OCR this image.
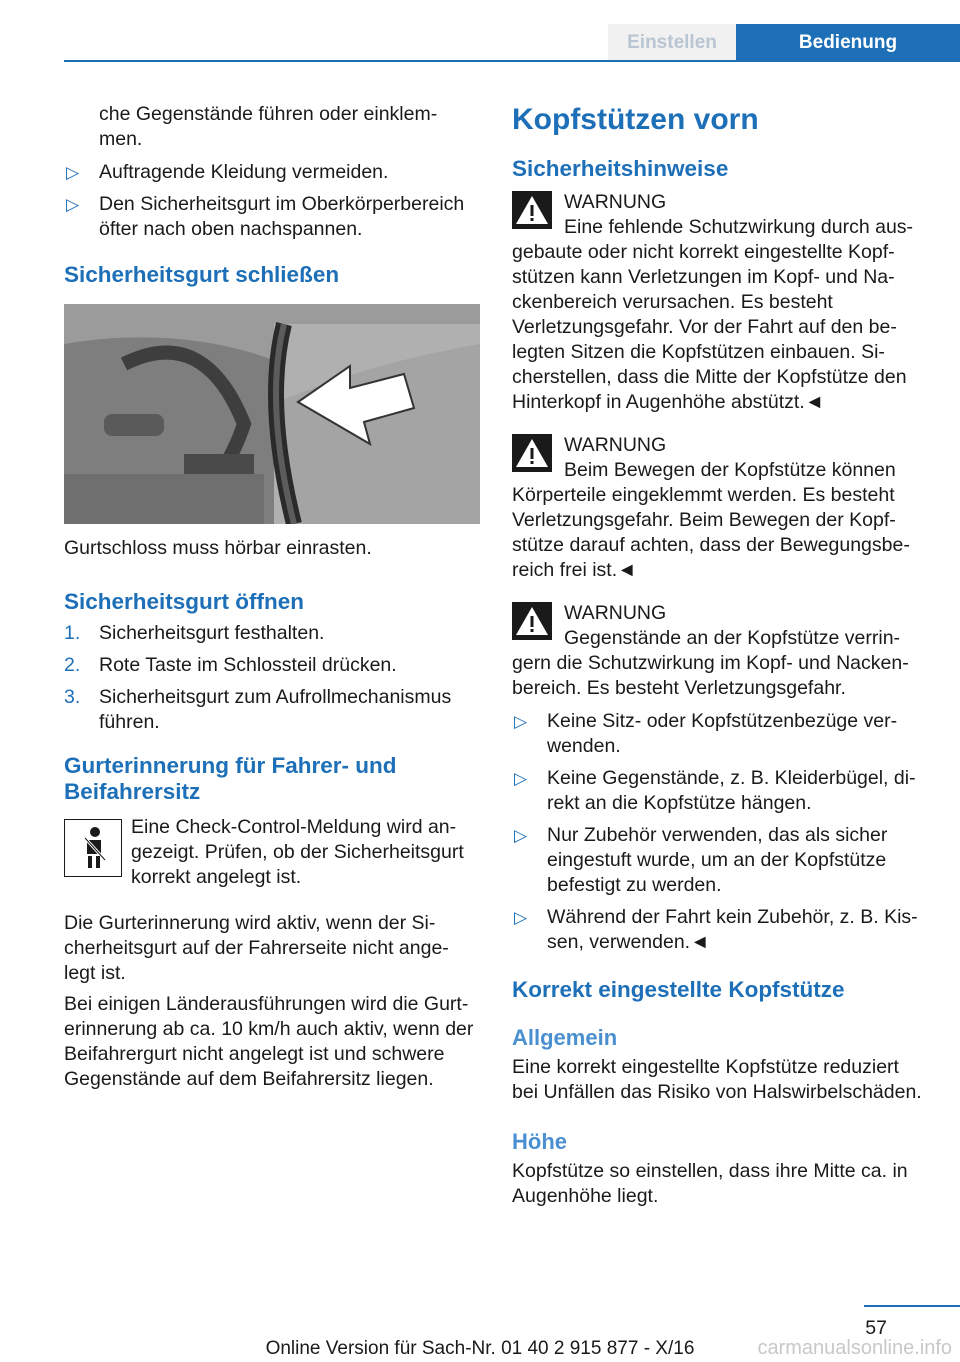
Einstellen	Bedienung

che Gegenstände führen oder einklem-men.

▷ Auftragende Kleidung vermeiden.
▷ Den Sicherheitsgurt im Oberkörperbereich öfter nach oben nachspannen.
Sicherheitsgurt schließen

Gurtschloss muss hörbar einrasten.

Sicherheitsgurt öffnen
1. Sicherheitsgurt festhalten.
2. Rote Taste im Schlossteil drücken.
3. Sicherheitsgurt zum Aufrollmechanismus führen.
Gurterinnerung für Fahrer- und Beifahrersitz

Eine Check-Control-Meldung wird an-gezeigt. Prüfen, ob der Sicherheitsgurt korrekt angelegt ist.

Die Gurterinnerung wird aktiv, wenn der Si-cherheitsgurt auf der Fahrerseite nicht ange-legt ist.

Bei einigen Länderausführungen wird die Gurt-erinnerung ab ca. 10 km/h auch aktiv, wenn der Beifahrergurt nicht angelegt ist und schwere Gegenstände auf dem Beifahrersitz liegen.

Kopfstützen vorn
Sicherheitshinweise

WARNUNG

Eine fehlende Schutzwirkung durch aus-

gebaute oder nicht korrekt eingestellte Kopf-stützen kann Verletzungen im Kopf- und Na-ckenbereich verursachen. Es besteht Verletzungsgefahr. Vor der Fahrt auf den be-legten Sitzen die Kopfstützen einbauen. Si-cherstellen, dass die Mitte der Kopfstütze den Hinterkopf in Augenhöhe abstützt.◄

WARNUNG

Beim Bewegen der Kopfstütze können

Körperteile eingeklemmt werden. Es besteht Verletzungsgefahr. Beim Bewegen der Kopf-stütze darauf achten, dass der Bewegungsbe-reich frei ist.◄

WARNUNG

Gegenstände an der Kopfstütze verrin-

gern die Schutzwirkung im Kopf- und Nacken-bereich. Es besteht Verletzungsgefahr.

▷ Keine Sitz- oder Kopfstützenbezüge ver-wenden.
▷ Keine Gegenstände, z. B. Kleiderbügel, di-rekt an die Kopfstütze hängen.
▷ Nur Zubehör verwenden, das als sicher eingestuft wurde, um an der Kopfstütze befestigt zu werden.
▷ Während der Fahrt kein Zubehör, z. B. Kis-sen, verwenden.◄
Korrekt eingestellte Kopfstütze
Allgemein

Eine korrekt eingestellte Kopfstütze reduziert bei Unfällen das Risiko von Halswirbelschäden.

Höhe

Kopfstütze so einstellen, dass ihre Mitte ca. in Augenhöhe liegt.

57
Online Version für Sach-Nr. 01 40 2 915 877 - X/16	carmanualsonline.info
